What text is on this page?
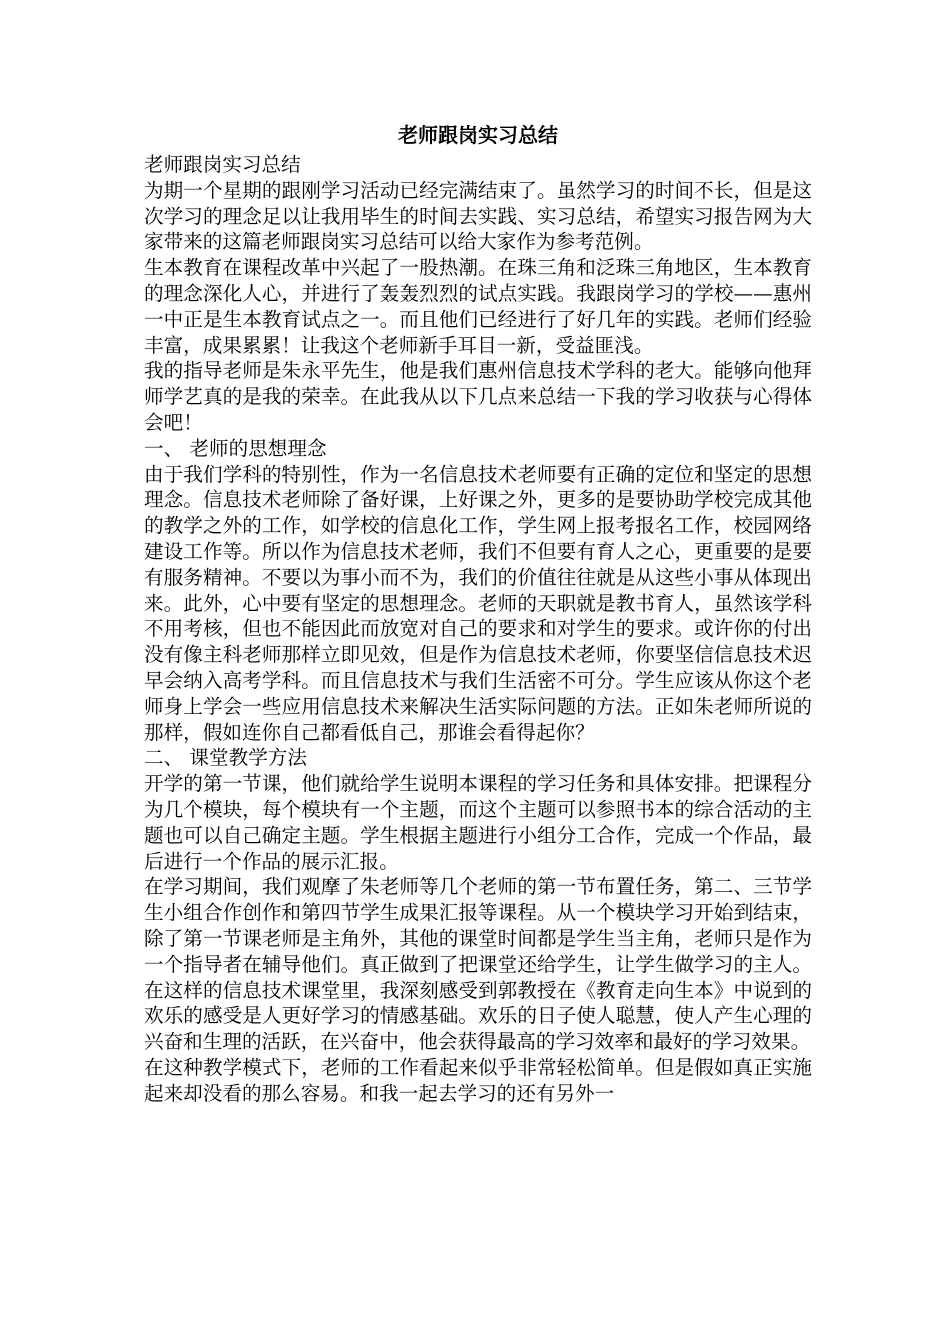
老师跟岗实习总结

老师跟岗实习总结

为期一个星期的跟刚学习活动已经完满结束了。虽然学习的时间不长，但是这次学习的理念足以让我用毕生的时间去实践、实习总结，希望实习报告网为大家带来的这篇老师跟岗实习总结可以给大家作为参考范例。

生本教育在课程改革中兴起了一股热潮。在珠三角和泛珠三角地区，生本教育的理念深化人心，并进行了轰轰烈烈的试点实践。我跟岗学习的学校——惠州一中正是生本教育试点之一。而且他们已经进行了好几年的实践。老师们经验丰富，成果累累！让我这个老师新手耳目一新，受益匪浅。

我的指导老师是朱永平先生，他是我们惠州信息技术学科的老大。能够向他拜师学艺真的是我的荣幸。在此我从以下几点来总结一下我的学习收获与心得体会吧！

一、 老师的思想理念

由于我们学科的特别性，作为一名信息技术老师要有正确的定位和坚定的思想理念。信息技术老师除了备好课，上好课之外，更多的是要协助学校完成其他的教学之外的工作，如学校的信息化工作，学生网上报考报名工作，校园网络建设工作等。所以作为信息技术老师，我们不但要有育人之心，更重要的是要有服务精神。不要以为事小而不为，我们的价值往往就是从这些小事从体现出来。此外，心中要有坚定的思想理念。老师的天职就是教书育人，虽然该学科不用考核，但也不能因此而放宽对自己的要求和对学生的要求。或许你的付出没有像主科老师那样立即见效，但是作为信息技术老师，你要坚信信息技术迟早会纳入高考学科。而且信息技术与我们生活密不可分。学生应该从你这个老师身上学会一些应用信息技术来解决生活实际问题的方法。正如朱老师所说的那样，假如连你自己都看低自己，那谁会看得起你？

二、 课堂教学方法

开学的第一节课，他们就给学生说明本课程的学习任务和具体安排。把课程分为几个模块，每个模块有一个主题，而这个主题可以参照书本的综合活动的主题也可以自己确定主题。学生根据主题进行小组分工合作，完成一个作品，最后进行一个作品的展示汇报。

在学习期间，我们观摩了朱老师等几个老师的第一节布置任务，第二、三节学生小组合作创作和第四节学生成果汇报等课程。从一个模块学习开始到结束，除了第一节课老师是主角外，其他的课堂时间都是学生当主角，老师只是作为一个指导者在辅导他们。真正做到了把课堂还给学生，让学生做学习的主人。在这样的信息技术课堂里，我深刻感受到郭教授在《教育走向生本》中说到的欢乐的感受是人更好学习的情感基础。欢乐的日子使人聪慧，使人产生心理的兴奋和生理的活跃，在兴奋中，他会获得最高的学习效率和最好的学习效果。

在这种教学模式下，老师的工作看起来似乎非常轻松简单。但是假如真正实施起来却没看的那么容易。和我一起去学习的还有另外一
